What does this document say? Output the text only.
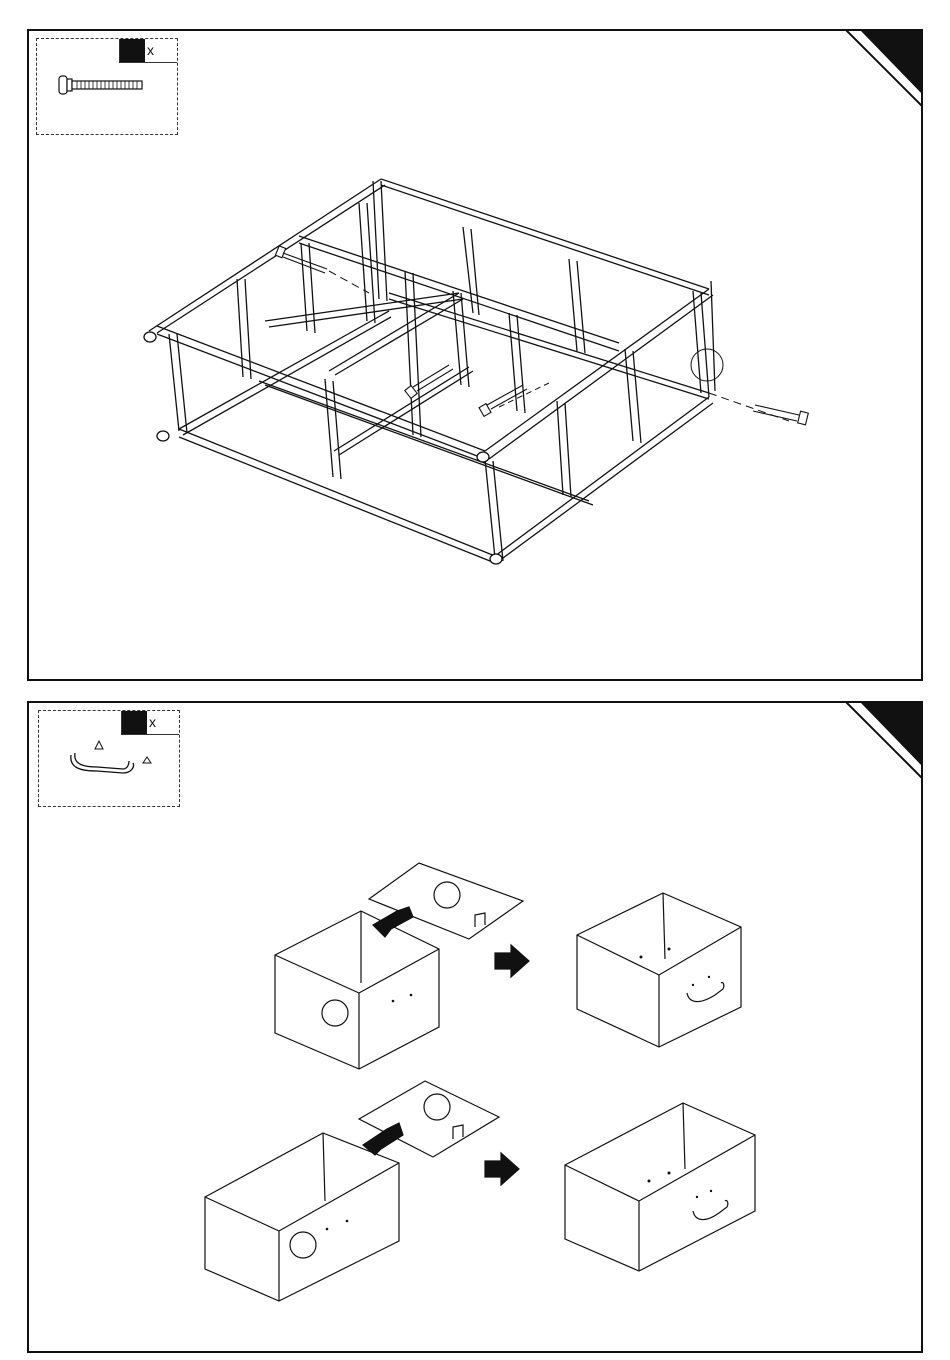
x
x
